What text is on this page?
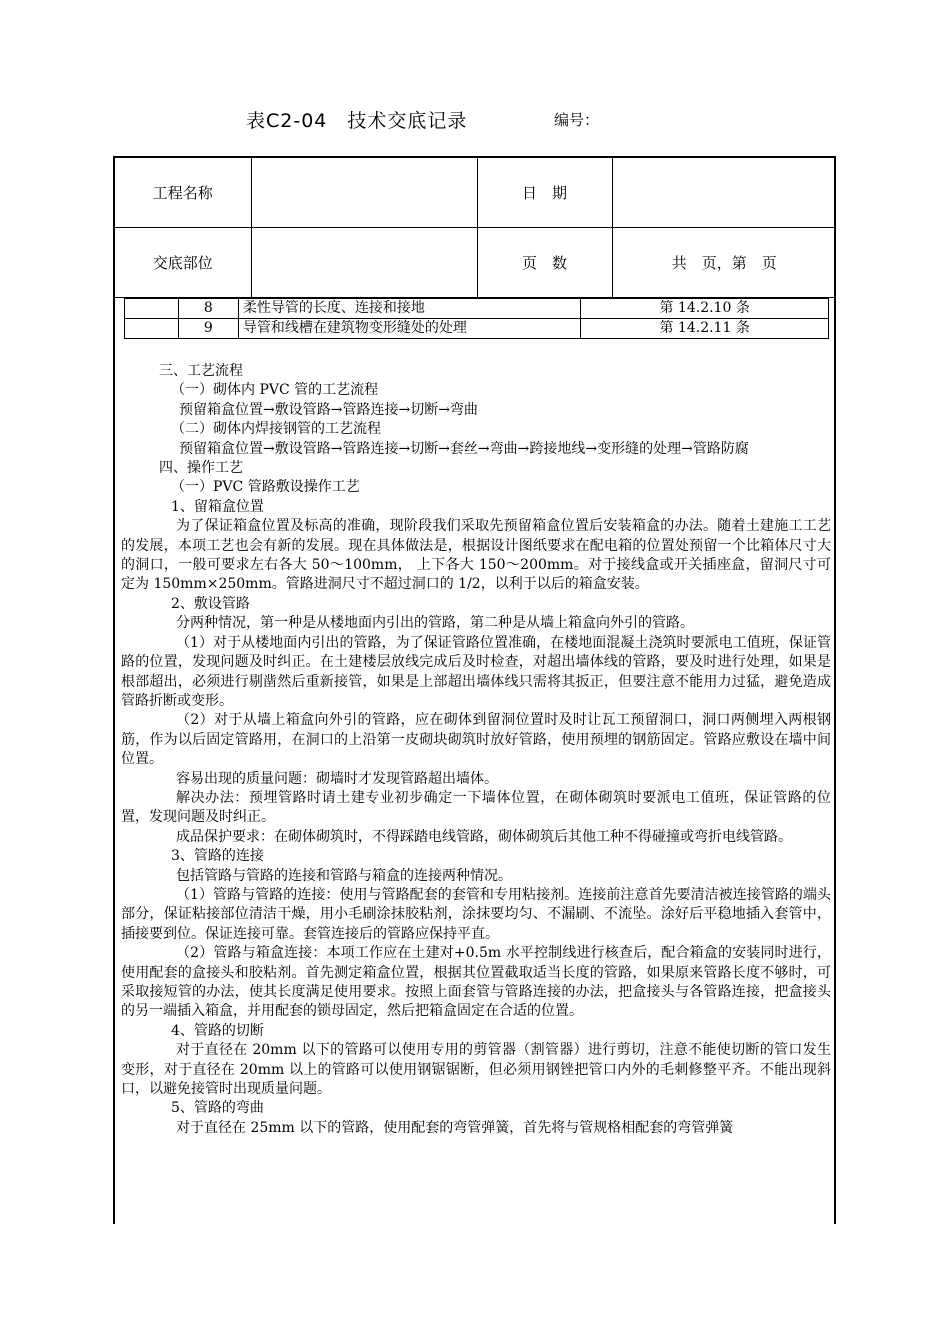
表C2-04　技术交底记录	编号：
工程名称		日　期	
交底部位		页　数	共　页，第　页
	8	柔性导管的长度、连接和接地	第 14.2.10 条
	9	导管和线槽在建筑物变形缝处的处理	第 14.2.11 条

三、工艺流程

（一）砌体内 PVC 管的工艺流程

预留箱盒位置→敷设管路→管路连接→切断→弯曲

（二）砌体内焊接钢管的工艺流程

预留箱盒位置→敷设管路→管路连接→切断→套丝→弯曲→跨接地线→变形缝的处理→管路防腐

四、操作工艺

（一）PVC 管路敷设操作工艺

1、留箱盒位置

为了保证箱盒位置及标高的准确，现阶段我们采取先预留箱盒位置后安装箱盒的办法。随着土建施工工艺的发展，本项工艺也会有新的发展。现在具体做法是，根据设计图纸要求在配电箱的位置处预留一个比箱体尺寸大的洞口，一般可要求左右各大 50～100mm， 上下各大 150～200mm。对于接线盒或开关插座盒，留洞尺寸可定为 150mm×250mm。管路进洞尺寸不超过洞口的 1/2，以利于以后的箱盒安装。

2、敷设管路

分两种情况，第一种是从楼地面内引出的管路，第二种是从墙上箱盒向外引的管路。

（1）对于从楼地面内引出的管路，为了保证管路位置准确，在楼地面混凝土浇筑时要派电工值班，保证管路的位置，发现问题及时纠正。在土建楼层放线完成后及时检查，对超出墙体线的管路，要及时进行处理，如果是根部超出，必须进行剔凿然后重新接管，如果是上部超出墙体线只需将其扳正，但要注意不能用力过猛，避免造成管路折断或变形。

（2）对于从墙上箱盒向外引的管路，应在砌体到留洞位置时及时让瓦工预留洞口，洞口两侧埋入两根钢筋，作为以后固定管路用，在洞口的上沿第一皮砌块砌筑时放好管路，使用预埋的钢筋固定。管路应敷设在墙中间位置。

容易出现的质量问题：砌墙时才发现管路超出墙体。

解决办法：预埋管路时请土建专业初步确定一下墙体位置，在砌体砌筑时要派电工值班，保证管路的位置，发现问题及时纠正。

成品保护要求：在砌体砌筑时，不得踩踏电线管路，砌体砌筑后其他工种不得碰撞或弯折电线管路。

3、管路的连接

包括管路与管路的连接和管路与箱盒的连接两种情况。

（1）管路与管路的连接：使用与管路配套的套管和专用粘接剂。连接前注意首先要清洁被连接管路的端头部分，保证粘接部位清洁干燥，用小毛刷涂抹胶粘剂，涂抹要均匀、不漏刷、不流坠。涂好后平稳地插入套管中，插接要到位。保证连接可靠。套管连接后的管路应保持平直。

（2）管路与箱盒连接：本项工作应在土建对+0.5m 水平控制线进行核查后，配合箱盒的安装同时进行，使用配套的盒接头和胶粘剂。首先测定箱盒位置，根据其位置截取适当长度的管路，如果原来管路长度不够时，可采取接短管的办法，使其长度满足使用要求。按照上面套管与管路连接的办法，把盒接头与各管路连接，把盒接头的另一端插入箱盒，并用配套的锁母固定，然后把箱盒固定在合适的位置。

4、管路的切断

对于直径在 20mm 以下的管路可以使用专用的剪管器（割管器）进行剪切，注意不能使切断的管口发生变形，对于直径在 20mm 以上的管路可以使用钢锯锯断，但必须用钢锉把管口内外的毛刺修整平齐。不能出现斜口，以避免接管时出现质量问题。

5、管路的弯曲

对于直径在 25mm 以下的管路，使用配套的弯管弹簧，首先将与管规格相配套的弯管弹簧
